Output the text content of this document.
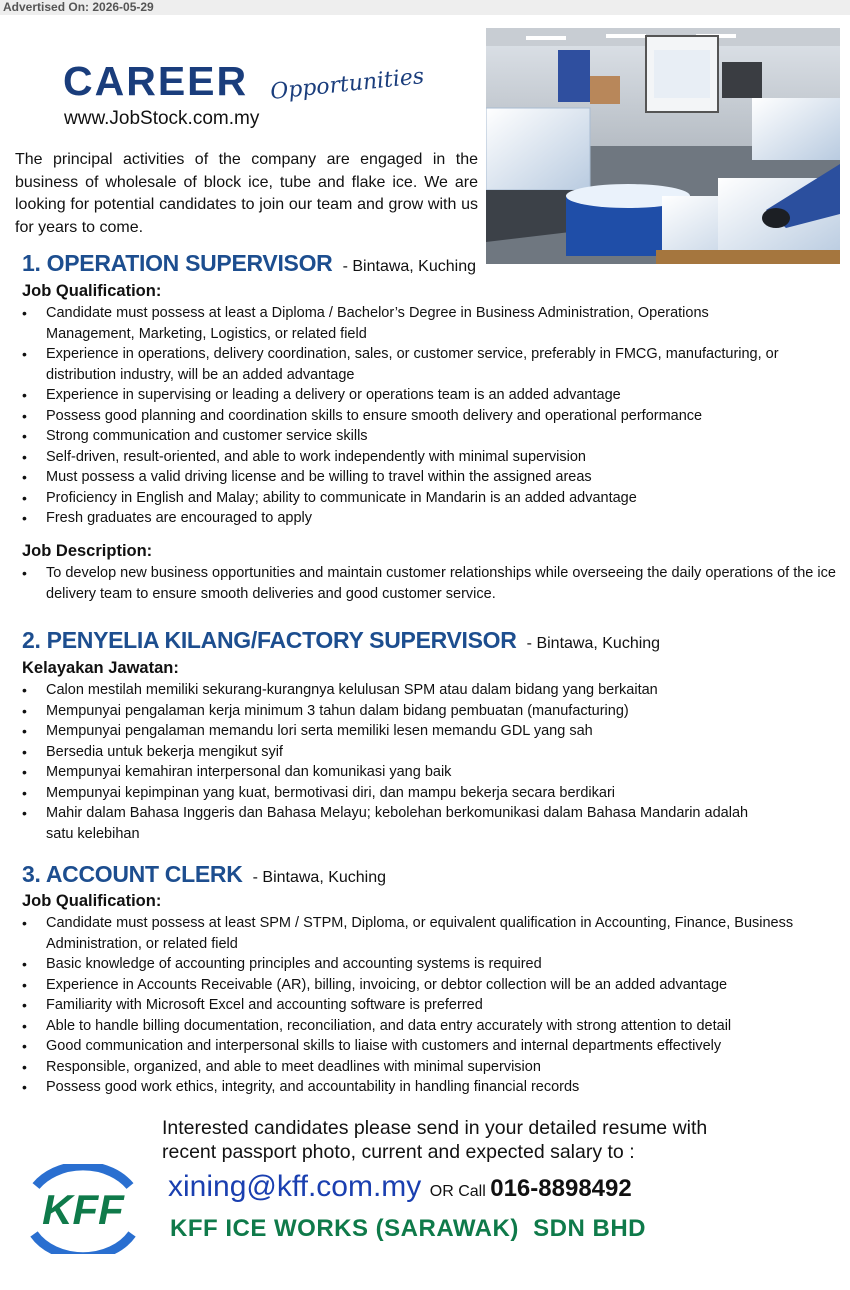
Advertised On: 2026-05-29
CAREER Opportunities
www.JobStock.com.my
The principal activities of the company are engaged in the business of wholesale of block ice, tube and flake ice. We are looking for potential candidates to join our team and grow with us for years to come.
1. OPERATION SUPERVISOR - Bintawa, Kuching
Job Qualification:
• Candidate must possess at least a Diploma / Bachelor’s Degree in Business Administration, Operations Management, Marketing, Logistics, or related field
• Experience in operations, delivery coordination, sales, or customer service, preferably in FMCG, manufacturing, or distribution industry, will be an added advantage
• Experience in supervising or leading a delivery or operations team is an added advantage
• Possess good planning and coordination skills to ensure smooth delivery and operational performance
• Strong communication and customer service skills
• Self-driven, result-oriented, and able to work independently with minimal supervision
• Must possess a valid driving license and be willing to travel within the assigned areas
• Proficiency in English and Malay; ability to communicate in Mandarin is an added advantage
• Fresh graduates are encouraged to apply
Job Description:
• To develop new business opportunities and maintain customer relationships while overseeing the daily operations of the ice delivery team to ensure smooth deliveries and good customer service.
2. PENYELIA KILANG/FACTORY SUPERVISOR - Bintawa, Kuching
Kelayakan Jawatan:
• Calon mestilah memiliki sekurang-kurangnya kelulusan SPM atau dalam bidang yang berkaitan
• Mempunyai pengalaman kerja minimum 3 tahun dalam bidang pembuatan (manufacturing)
• Mempunyai pengalaman memandu lori serta memiliki lesen memandu GDL yang sah
• Bersedia untuk bekerja mengikut syif
• Mempunyai kemahiran interpersonal dan komunikasi yang baik
• Mempunyai kepimpinan yang kuat, bermotivasi diri, dan mampu bekerja secara berdikari
• Mahir dalam Bahasa Inggeris dan Bahasa Melayu; kebolehan berkomunikasi dalam Bahasa Mandarin adalah satu kelebihan
3. ACCOUNT CLERK - Bintawa, Kuching
Job Qualification:
• Candidate must possess at least SPM / STPM, Diploma, or equivalent qualification in Accounting, Finance, Business Administration, or related field
• Basic knowledge of accounting principles and accounting systems is required
• Experience in Accounts Receivable (AR), billing, invoicing, or debtor collection will be an added advantage
• Familiarity with Microsoft Excel and accounting software is preferred
• Able to handle billing documentation, reconciliation, and data entry accurately with strong attention to detail
• Good communication and interpersonal skills to liaise with customers and internal departments effectively
• Responsible, organized, and able to meet deadlines with minimal supervision
• Possess good work ethics, integrity, and accountability in handling financial records
Interested candidates please send in your detailed resume with
recent passport photo, current and expected salary to :
KFF xining@kff.com.my OR Call 016-8898492
KFF ICE WORKS (SARAWAK)  SDN BHD
